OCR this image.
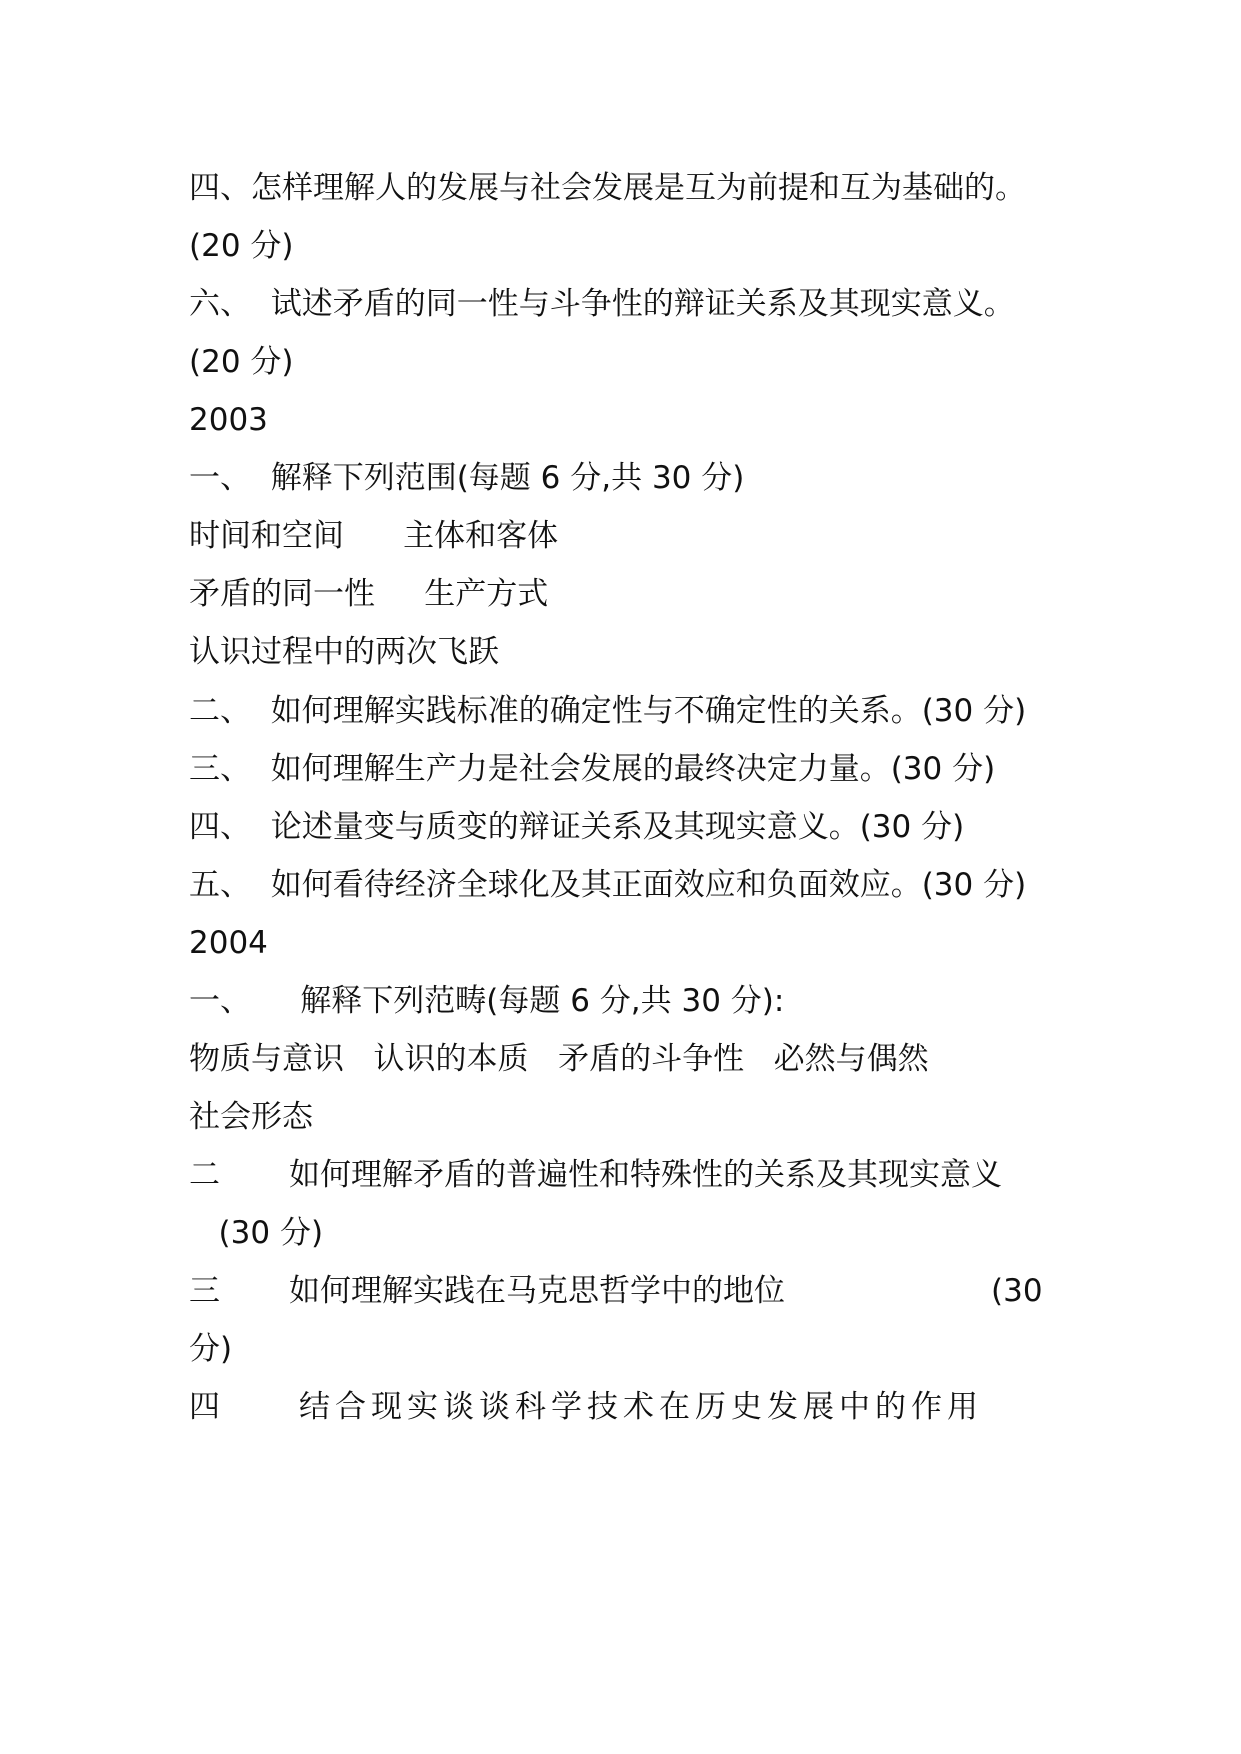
四、怎样理解人的发展与社会发展是互为前提和互为基础的。
(20 分)
六、  试述矛盾的同一性与斗争性的辩证关系及其现实意义。
(20 分)
2003
一、  解释下列范围(每题 6 分,共 30 分)
时间和空间      主体和客体
矛盾的同一性     生产方式
认识过程中的两次飞跃
二、  如何理解实践标准的确定性与不确定性的关系。(30 分)
三、  如何理解生产力是社会发展的最终决定力量。(30 分)
四、  论述量变与质变的辩证关系及其现实意义。(30 分)
五、  如何看待经济全球化及其正面效应和负面效应。(30 分)
2004
一、     解释下列范畴(每题 6 分,共 30 分):
物质与意识   认识的本质   矛盾的斗争性   必然与偶然
社会形态
二       如何理解矛盾的普遍性和特殊性的关系及其现实意义
(30 分)

三       如何理解实践在马克思哲学中的地位

	(30

分)

四

	结合现实谈谈科学技术在历史发展中的作用
